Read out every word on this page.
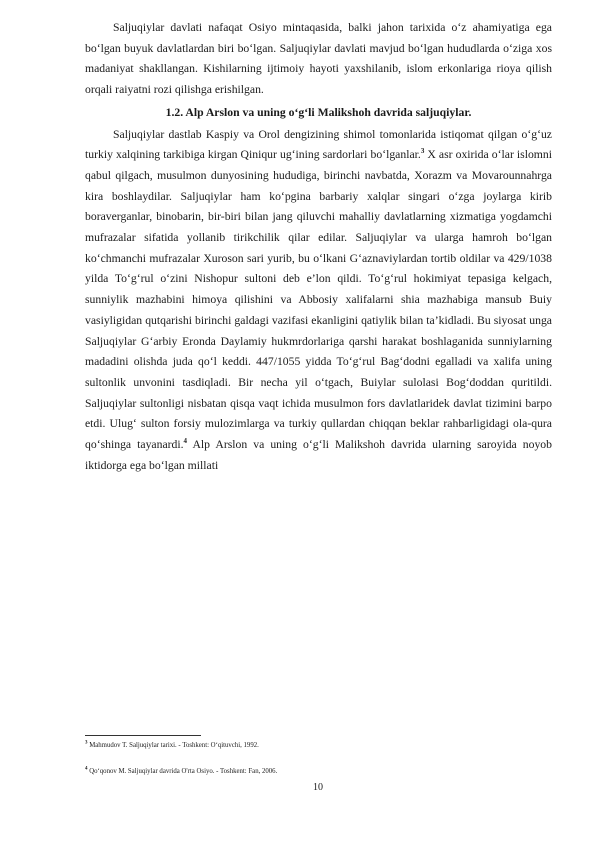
Saljuqiylar davlati nafaqat Osiyo mintaqasida, balki jahon tarixida o‘z ahamiyatiga ega bo‘lgan buyuk davlatlardan biri bo‘lgan. Saljuqiylar davlati mavjud bo‘lgan hududlarda o‘ziga xos madaniyat shakllangan. Kishilarning ijtimoiy hayoti yaxshilanib, islom erkonlariga rioya qilish orqali raiyatni rozi qilishga erishilgan.

1.2. Alp Arslon va uning o‘g‘li Malikshoh davrida saljuqiylar.

Saljuqiylar dastlab Kaspiy va Orol dengizining shimol tomonlarida istiqomat qilgan o‘g‘uz turkiy xalqining tarkibiga kirgan Qiniqur ug‘ining sardorlari bo‘lganlar.$^3$ X asr oxirida o‘lar islomni qabul qilgach, musulmon dunyosining hududiga, birinchi navbatda, Xorazm va Movarounnahrga kira boshlaydilar. Saljuqiylar ham ko‘pgina barbariy xalqlar singari o‘zga joylarga kirib boraverganlar, binobarin, bir-biri bilan jang qiluvchi mahalliy davlatlarning xizmatiga yogdamchi mufrazalar sifatida yollanib tirikchilik qilar edilar. Saljuqiylar va ularga hamroh bo‘lgan ko‘chmanchi mufrazalar Xuroson sari yurib, bu o‘lkani G‘aznaviylardan tortib oldilar va 429/1038 yilda To‘g‘rul o‘zini Nishopur sultoni deb e’lon qildi. To‘g‘rul hokimiyat tepasiga kelgach, sunniylik mazhabini himoya qilishini va Abbosiy xalifalarni shia mazhabiga mansub Buiy vasiyligidan qutqarishi birinchi galdagi vazifasi ekanligini qatiylik bilan ta’kidladi. Bu siyosat unga Saljuqiylar G‘arbiy Eronda Daylamiy hukmrdorlariga qarshi harakat boshlaganida sunniylarning madadini olishda juda qo‘l keddi. 447/1055 yidda To‘g‘rul Bag‘dodni egalladi va xalifa uning sultonlik unvonini tasdiqladi. Bir necha yil o‘tgach, Buiylar sulolasi Bog‘doddan quritildi. Saljuqiylar sultonligi nisbatan qisqa vaqt ichida musulmon fors davlatlaridek davlat tizimini barpo etdi. Ulug‘ sulton forsiy mulozimlarga va turkiy qullardan chiqqan beklar rahbarligidagi ola-qura qo‘shinga tayanardi.$^4$ Alp Arslon va uning o‘g‘li Malikshoh davrida ularning saroyida noyob iktidorga ega bo‘lgan millati

$^3$ Mahmudov T. Saljuqiylar tarixi. - Toshkent: O‘qituvchi, 1992.
$^4$ Qo‘qonov M. Saljuqiylar davrida O'rta Osiyo. - Toshkent: Fan, 2006.
10
